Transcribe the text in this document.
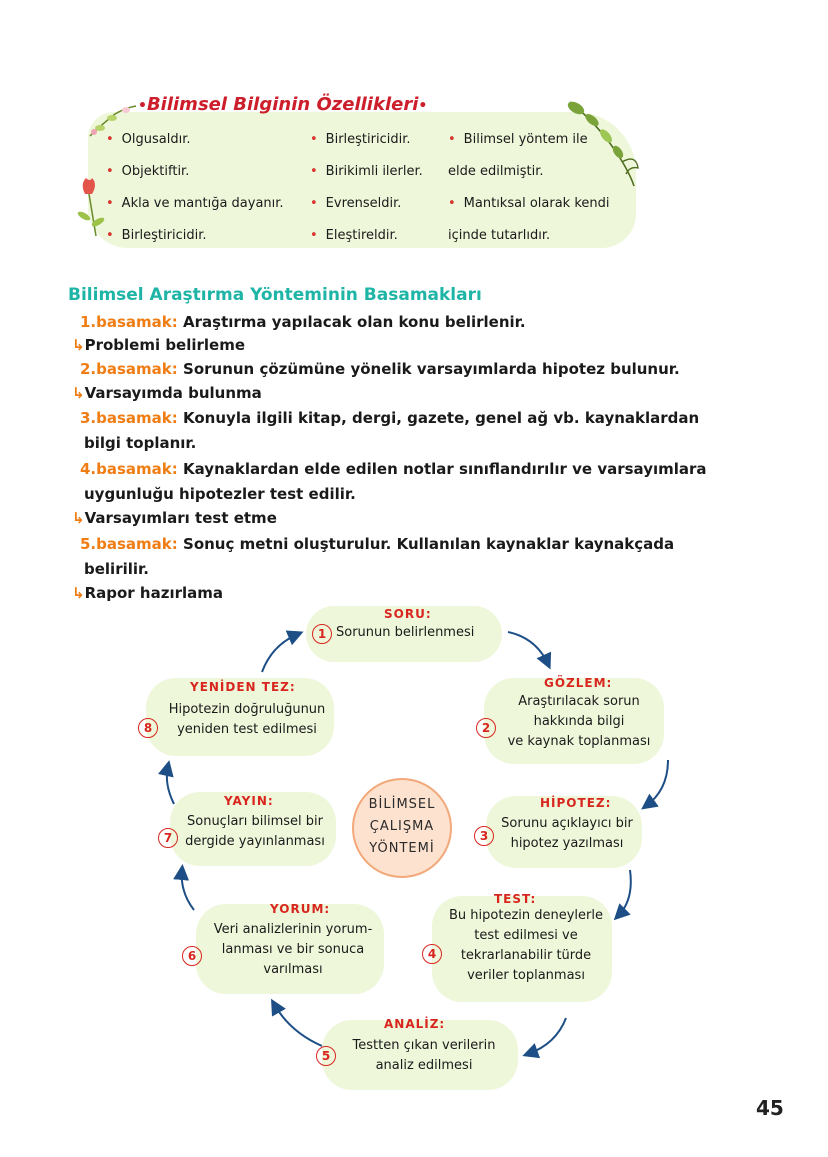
•Bilimsel Bilginin Özellikleri•
• Olgusaldır.
• Objektiftir.
• Akla ve mantığa dayanır.
• Birleştiricidir.
• Birleştiricidir.
• Birikimli ilerler.
• Evrenseldir.
• Eleştireldir.
• Bilimsel yöntem ile
elde edilmiştir.
• Mantıksal olarak kendi
içinde tutarlıdır.
Bilimsel Araştırma Yönteminin Basamakları
1.basamak: Araştırma yapılacak olan konu belirlenir.
↳Problemi belirleme
2.basamak: Sorunun çözümüne yönelik varsayımlarda hipotez bulunur.
↳Varsayımda bulunma
3.basamak: Konuyla ilgili kitap, dergi, gazete, genel ağ vb. kaynaklardan
bilgi toplanır.
4.basamak: Kaynaklardan elde edilen notlar sınıflandırılır ve varsayımlara
uygunluğu hipotezler test edilir.
↳Varsayımları test etme
5.basamak: Sonuç metni oluşturulur. Kullanılan kaynaklar kaynakçada
belirilir.
↳Rapor hazırlama
SORU:
1 Sorunun belirlenmesi
GÖZLEM:
2
Araştırılacak sorun
hakkında bilgi
ve kaynak toplanması
HİPOTEZ:
3
Sorunu açıklayıcı bir
hipotez yazılması
TEST:
4
Bu hipotezin deneylerle
test edilmesi ve
tekrarlanabilir türde
veriler toplanması
ANALİZ:
5
Testten çıkan verilerin
analiz edilmesi
YORUM:
6
Veri analizlerinin yorum-
lanması ve bir sonuca
varılması
YAYIN:
7
Sonuçları bilimsel bir
dergide yayınlanması
YENİDEN TEZ:
8
Hipotezin doğruluğunun
yeniden test edilmesi
BİLİMSEL
ÇALIŞMA
YÖNTEMİ
45
